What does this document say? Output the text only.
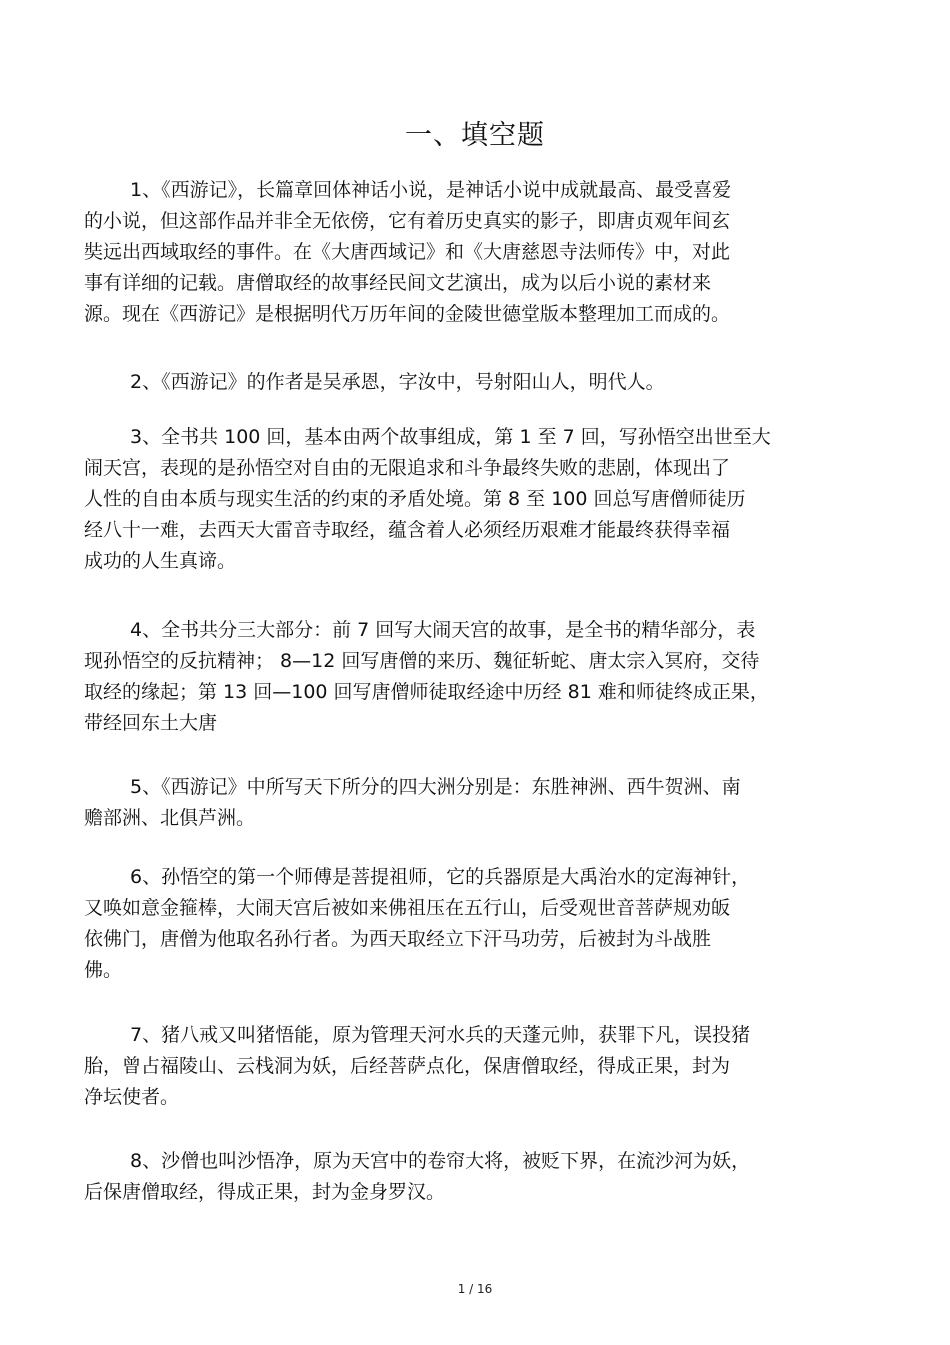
一、填空题
1、《西游记》，长篇章回体神话小说，是神话小说中成就最高、最受喜爱
的小说，但这部作品并非全无依傍，它有着历史真实的影子，即唐贞观年间玄
奘远出西域取经的事件。在《大唐西域记》和《大唐慈恩寺法师传》中，对此
事有详细的记载。唐僧取经的故事经民间文艺演出，成为以后小说的素材来
源。现在《西游记》是根据明代万历年间的金陵世德堂版本整理加工而成的。
2、《西游记》的作者是吴承恩，字汝中，号射阳山人，明代人。
3、全书共 100 回，基本由两个故事组成，第 1 至 7 回，写孙悟空出世至大
闹天宫，表现的是孙悟空对自由的无限追求和斗争最终失败的悲剧，体现出了
人性的自由本质与现实生活的约束的矛盾处境。第 8 至 100 回总写唐僧师徒历
经八十一难，去西天大雷音寺取经，蕴含着人必须经历艰难才能最终获得幸福
成功的人生真谛。
4、全书共分三大部分：前 7 回写大闹天宫的故事，是全书的精华部分，表
现孙悟空的反抗精神； 8—12 回写唐僧的来历、魏征斩蛇、唐太宗入冥府，交待
取经的缘起；第 13 回—100 回写唐僧师徒取经途中历经 81 难和师徒终成正果，
带经回东土大唐
5、《西游记》中所写天下所分的四大洲分别是：东胜神洲、西牛贺洲、南
赡部洲、北俱芦洲。
6、孙悟空的第一个师傅是菩提祖师，它的兵器原是大禹治水的定海神针，
又唤如意金箍棒，大闹天宫后被如来佛祖压在五行山，后受观世音菩萨规劝皈
依佛门，唐僧为他取名孙行者。为西天取经立下汗马功劳，后被封为斗战胜
佛。
7、猪八戒又叫猪悟能，原为管理天河水兵的天蓬元帅，获罪下凡，误投猪
胎，曾占福陵山、云栈洞为妖，后经菩萨点化，保唐僧取经，得成正果，封为
净坛使者。
8、沙僧也叫沙悟净，原为天宫中的卷帘大将，被贬下界，在流沙河为妖，
后保唐僧取经，得成正果，封为金身罗汉。
1 / 16
